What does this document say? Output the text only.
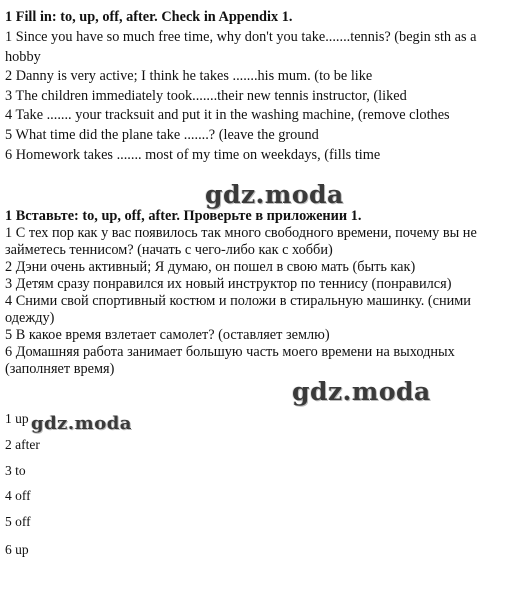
1 Fill in: to, up, off, after. Check in Appendix 1.
1 Since you have so much free time, why don't you take.......tennis? (begin sth as a
hobby
2 Danny is very active; I think he takes .......his mum. (to be like
3 The children immediately took.......their new tennis instructor, (liked
4 Take ....... your tracksuit and put it in the washing machine, (remove clothes
5 What time did the plane take .......? (leave the ground
6 Homework takes ....... most of my time on weekdays, (fills time
gdz.moda
1 Вставьте: to, up, off, after. Проверьте в приложении 1.
1 С тех пор как у вас появилось так много свободного времени, почему вы не
займетесь теннисом? (начать с чего-либо как с хобби)
2 Дэни очень активный; Я думаю, он пошел в свою мать (быть как)
3 Детям сразу понравился их новый инструктор по теннису (понравился)
4 Сними свой спортивный костюм и положи в стиральную машинку. (сними
одежду)
5 В какое время взлетает самолет? (оставляет землю)
6 Домашняя работа занимает большую часть моего времени на выходных
(заполняет время)
gdz.moda
1 up gdz.moda
2 after
3 to
4 off
5 off
6 up
